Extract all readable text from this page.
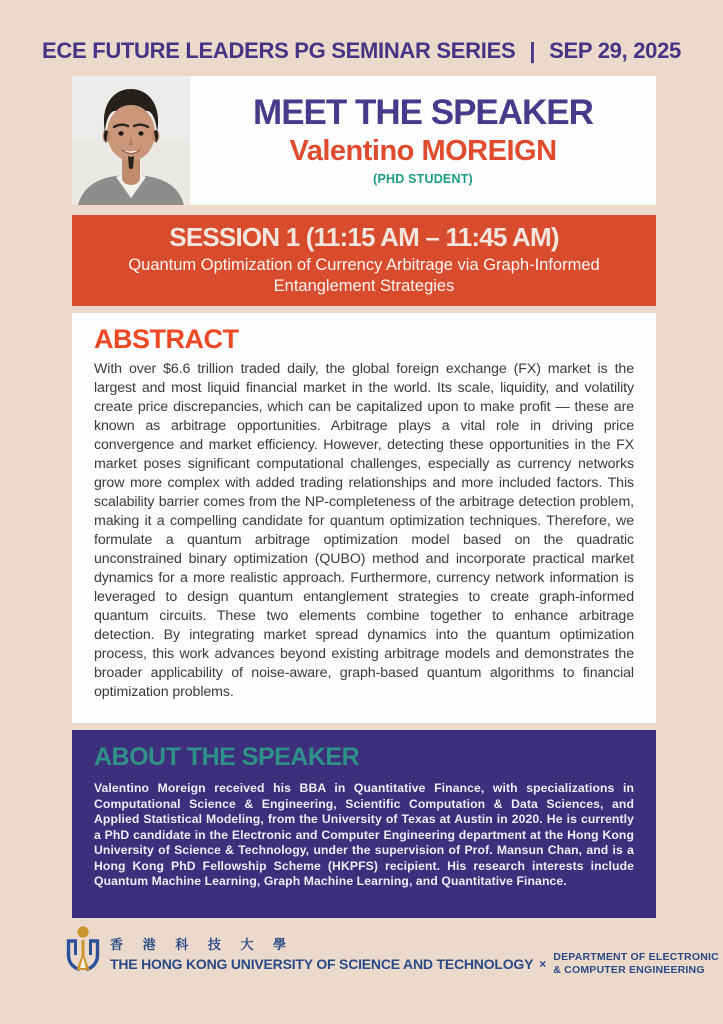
ECE FUTURE LEADERS PG SEMINAR SERIES | SEP 29, 2025
MEET THE SPEAKER
Valentino MOREIGN
(PHD STUDENT)
SESSION 1 (11:15 AM – 11:45 AM)
Quantum Optimization of Currency Arbitrage via Graph-Informed Entanglement Strategies
ABSTRACT
With over $6.6 trillion traded daily, the global foreign exchange (FX) market is the largest and most liquid financial market in the world. Its scale, liquidity, and volatility create price discrepancies, which can be capitalized upon to make profit — these are known as arbitrage opportunities. Arbitrage plays a vital role in driving price convergence and market efficiency. However, detecting these opportunities in the FX market poses significant computational challenges, especially as currency networks grow more complex with added trading relationships and more included factors. This scalability barrier comes from the NP-completeness of the arbitrage detection problem, making it a compelling candidate for quantum optimization techniques. Therefore, we formulate a quantum arbitrage optimization model based on the quadratic unconstrained binary optimization (QUBO) method and incorporate practical market dynamics for a more realistic approach. Furthermore, currency network information is leveraged to design quantum entanglement strategies to create graph-informed quantum circuits. These two elements combine together to enhance arbitrage detection. By integrating market spread dynamics into the quantum optimization process, this work advances beyond existing arbitrage models and demonstrates the broader applicability of noise-aware, graph-based quantum algorithms to financial optimization problems.
ABOUT THE SPEAKER
Valentino Moreign received his BBA in Quantitative Finance, with specializations in Computational Science & Engineering, Scientific Computation & Data Sciences, and Applied Statistical Modeling, from the University of Texas at Austin in 2020. He is currently a PhD candidate in the Electronic and Computer Engineering department at the Hong Kong University of Science & Technology, under the supervision of Prof. Mansun Chan, and is a Hong Kong PhD Fellowship Scheme (HKPFS) recipient. His research interests include Quantum Machine Learning, Graph Machine Learning, and Quantitative Finance.
香 港 科 技 大 學
THE HONG KONG UNIVERSITY OF SCIENCE AND TECHNOLOGY × DEPARTMENT OF ELECTRONIC
& COMPUTER ENGINEERING
